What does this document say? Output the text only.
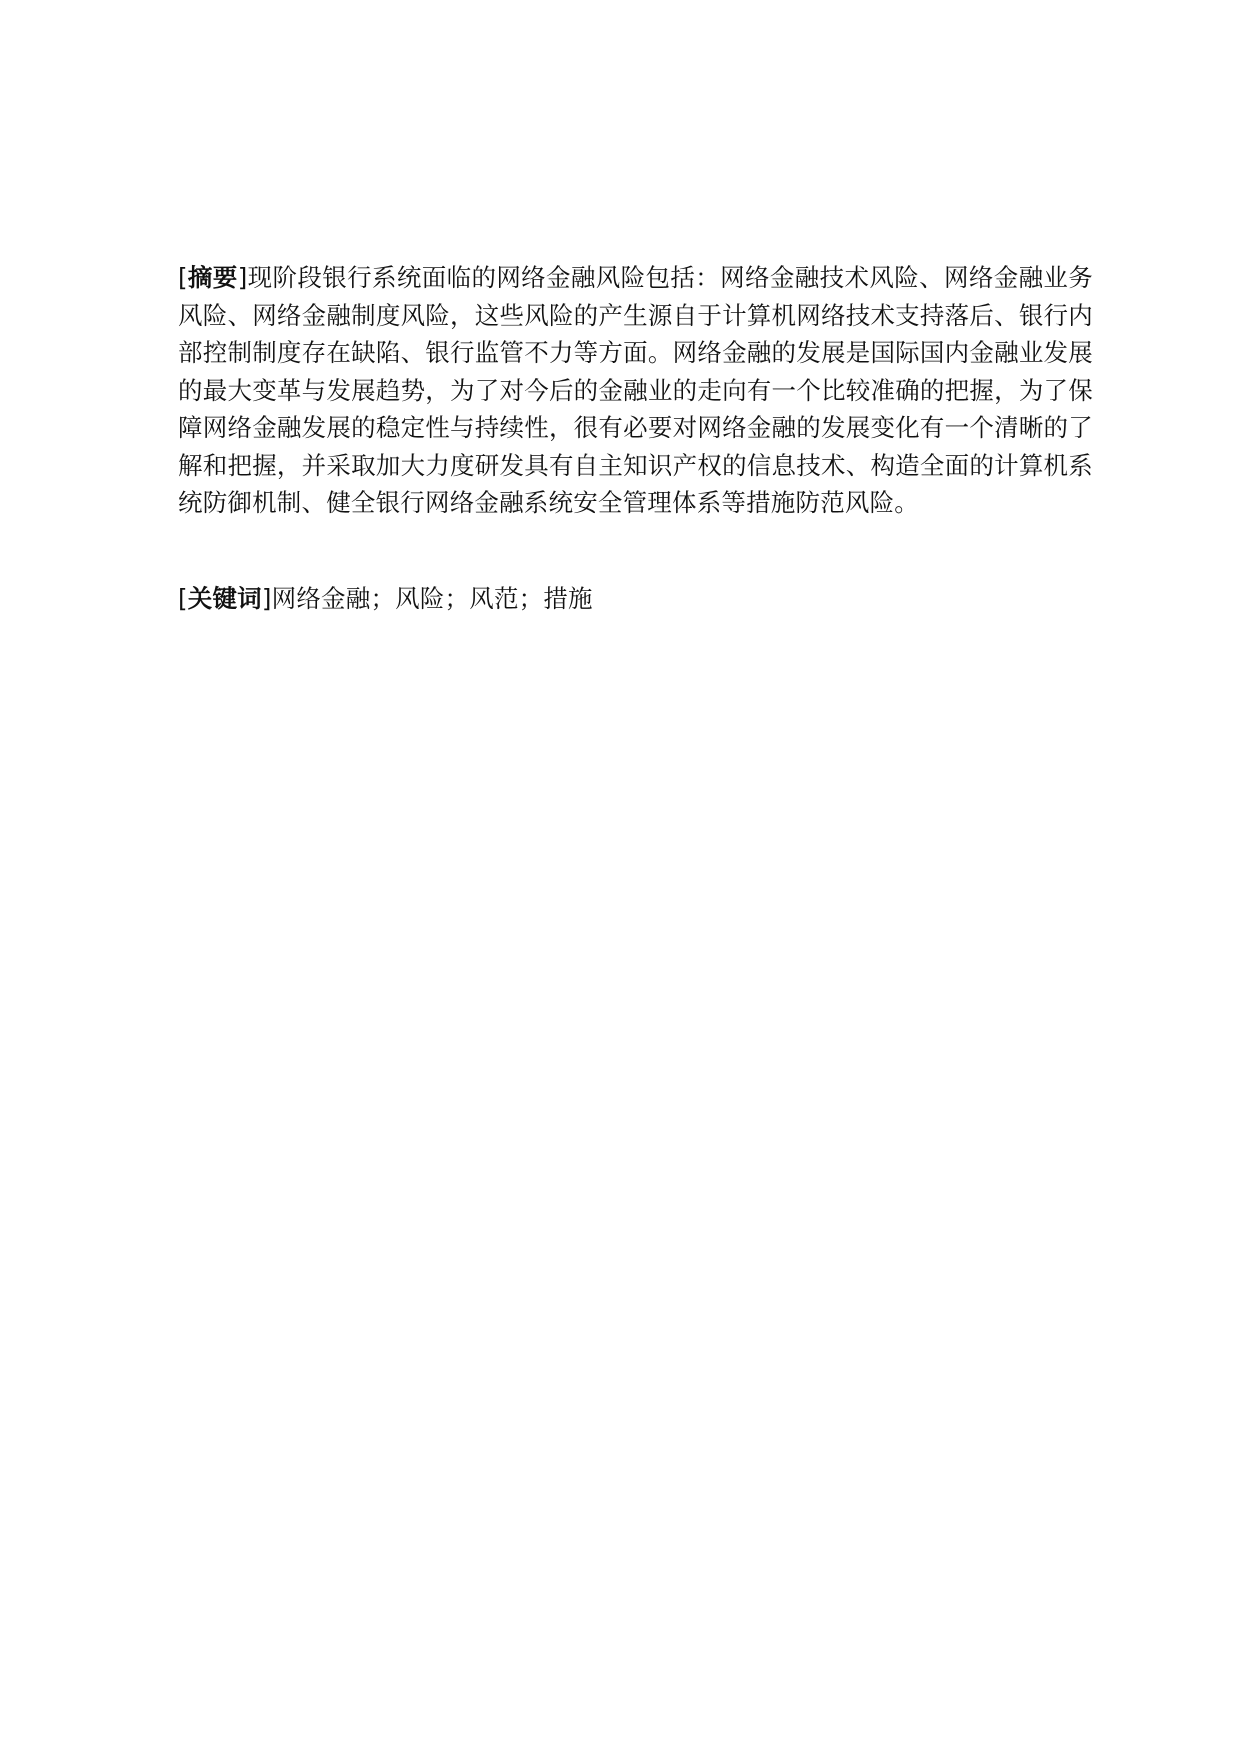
[摘要]现阶段银行系统面临的网络金融风险包括：网络金融技术风险、网络金融业务风险、网络金融制度风险，这些风险的产生源自于计算机网络技术支持落后、银行内部控制制度存在缺陷、银行监管不力等方面。网络金融的发展是国际国内金融业发展的最大变革与发展趋势，为了对今后的金融业的走向有一个比较准确的把握，为了保障网络金融发展的稳定性与持续性，很有必要对网络金融的发展变化有一个清晰的了解和把握，并采取加大力度研发具有自主知识产权的信息技术、构造全面的计算机系统防御机制、健全银行网络金融系统安全管理体系等措施防范风险。

[关键词]网络金融；风险；风范；措施
